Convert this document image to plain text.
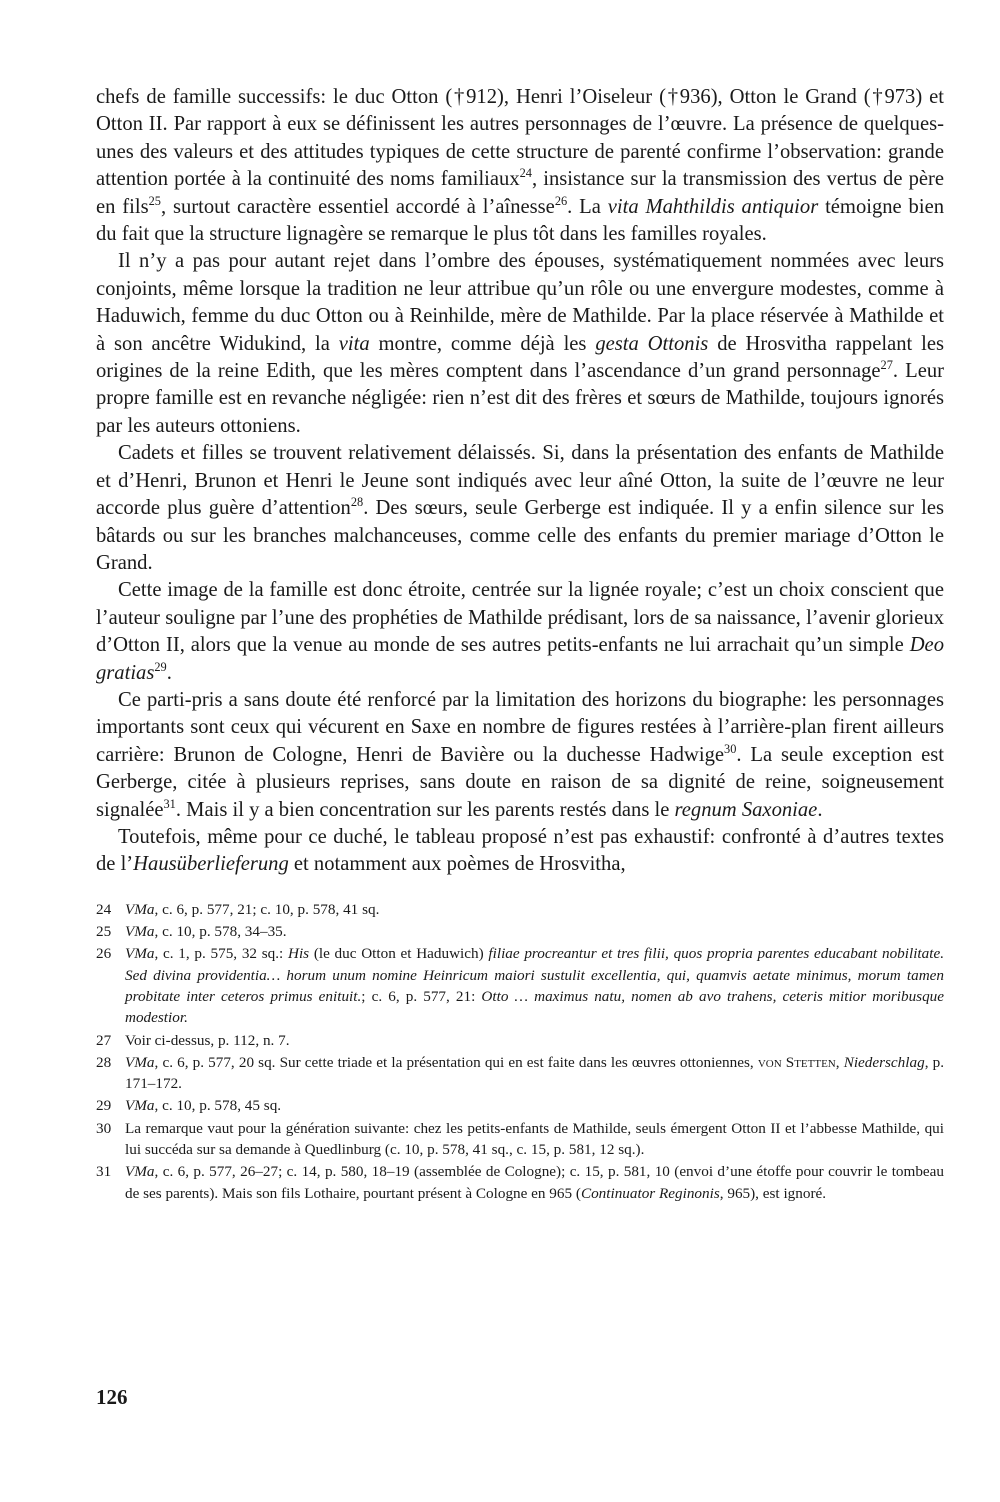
chefs de famille successifs: le duc Otton (†912), Henri l’Oiseleur (†936), Otton le Grand (†973) et Otton II. Par rapport à eux se définissent les autres personnages de l’œuvre. La présence de quelques-unes des valeurs et des attitudes typiques de cette structure de parenté confirme l’observation: grande attention portée à la continuité des noms familiaux$^{24}$, insistance sur la transmission des vertus de père en fils$^{25}$, surtout caractère essentiel accordé à l’aînesse$^{26}$. La vita Mahthildis antiquior témoigne bien du fait que la structure lignagère se remarque le plus tôt dans les familles royales.

Il n’y a pas pour autant rejet dans l’ombre des épouses, systématiquement nommées avec leurs conjoints, même lorsque la tradition ne leur attribue qu’un rôle ou une envergure modestes, comme à Haduwich, femme du duc Otton ou à Reinhilde, mère de Mathilde. Par la place réservée à Mathilde et à son ancêtre Widukind, la vita montre, comme déjà les gesta Ottonis de Hrosvitha rappelant les origines de la reine Edith, que les mères comptent dans l’ascendance d’un grand personnage$^{27}$. Leur propre famille est en revanche négligée: rien n’est dit des frères et sœurs de Mathilde, toujours ignorés par les auteurs ottoniens.

Cadets et filles se trouvent relativement délaissés. Si, dans la présentation des enfants de Mathilde et d’Henri, Brunon et Henri le Jeune sont indiqués avec leur aîné Otton, la suite de l’œuvre ne leur accorde plus guère d’attention$^{28}$. Des sœurs, seule Gerberge est indiquée. Il y a enfin silence sur les bâtards ou sur les branches malchanceuses, comme celle des enfants du premier mariage d’Otton le Grand.

Cette image de la famille est donc étroite, centrée sur la lignée royale; c’est un choix conscient que l’auteur souligne par l’une des prophéties de Mathilde prédisant, lors de sa naissance, l’avenir glorieux d’Otton II, alors que la venue au monde de ses autres petits-enfants ne lui arrachait qu’un simple Deo gratias$^{29}$.

Ce parti-pris a sans doute été renforcé par la limitation des horizons du biographe: les personnages importants sont ceux qui vécurent en Saxe en nombre de figures restées à l’arrière-plan firent ailleurs carrière: Brunon de Cologne, Henri de Bavière ou la duchesse Hadwige$^{30}$. La seule exception est Gerberge, citée à plusieurs reprises, sans doute en raison de sa dignité de reine, soigneusement signalée$^{31}$. Mais il y a bien concentration sur les parents restés dans le regnum Saxoniae.

Toutefois, même pour ce duché, le tableau proposé n’est pas exhaustif: confronté à d’autres textes de l’Hausüberlieferung et notamment aux poèmes de Hrosvitha,

24 VMa, c. 6, p. 577, 21; c. 10, p. 578, 41 sq.
25 VMa, c. 10, p. 578, 34–35.
26 VMa, c. 1, p. 575, 32 sq.: His (le duc Otton et Haduwich) filiae procreantur et tres filii, quos propria parentes educabant nobilitate. Sed divina providentia… horum unum nomine Heinricum maiori sustulit excellentia, qui, quamvis aetate minimus, morum tamen probitate inter ceteros primus enituit.; c. 6, p. 577, 21: Otto … maximus natu, nomen ab avo trahens, ceteris mitior moribusque modestior.
27 Voir ci-dessus, p. 112, n. 7.
28 VMa, c. 6, p. 577, 20 sq. Sur cette triade et la présentation qui en est faite dans les œuvres ottoniennes, von Stetten, Niederschlag, p. 171–172.
29 VMa, c. 10, p. 578, 45 sq.
30 La remarque vaut pour la génération suivante: chez les petits-enfants de Mathilde, seuls émergent Otton II et l’abbesse Mathilde, qui lui succéda sur sa demande à Quedlinburg (c. 10, p. 578, 41 sq., c. 15, p. 581, 12 sq.).
31 VMa, c. 6, p. 577, 26–27; c. 14, p. 580, 18–19 (assemblée de Cologne); c. 15, p. 581, 10 (envoi d’une étoffe pour couvrir le tombeau de ses parents). Mais son fils Lothaire, pourtant présent à Cologne en 965 (Continuator Reginonis, 965), est ignoré.
126
